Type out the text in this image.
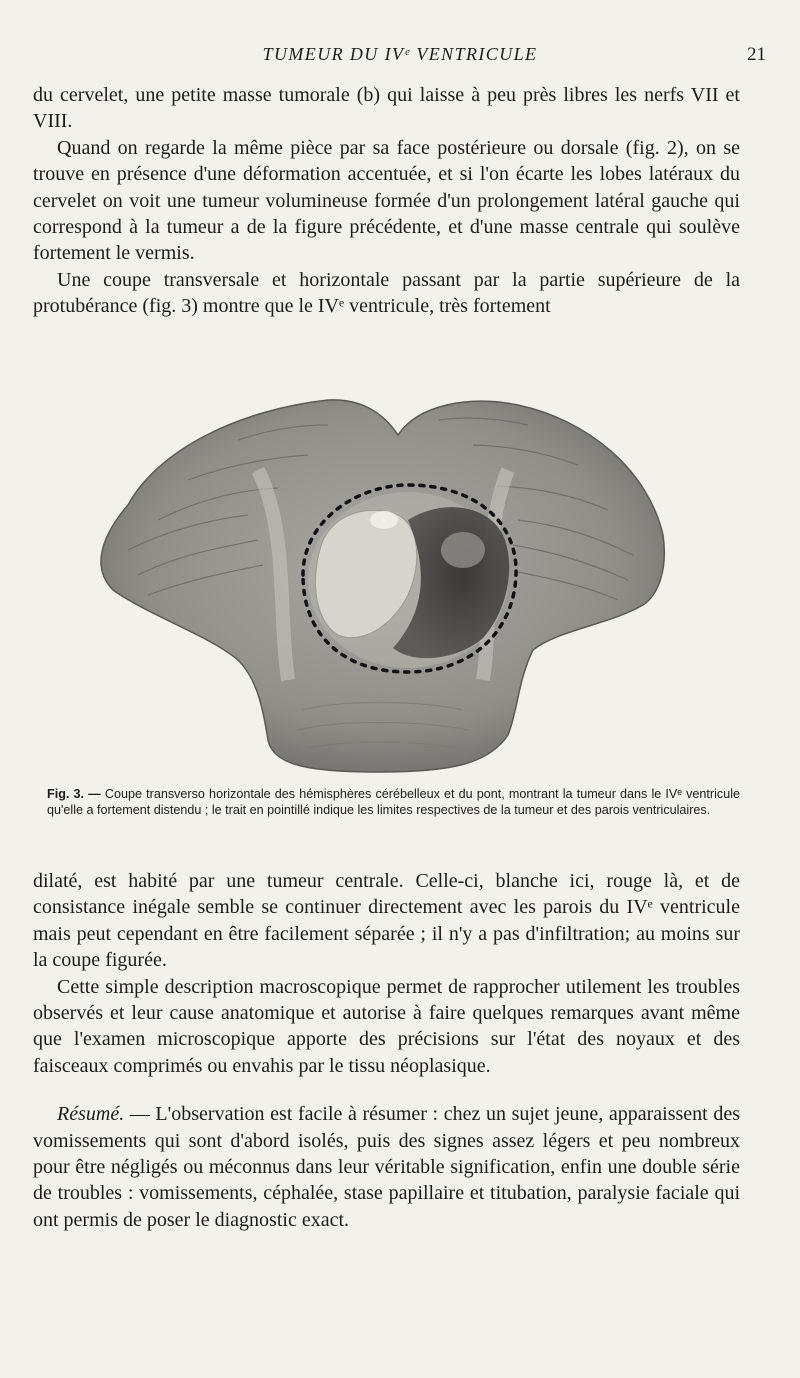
TUMEUR DU IVᵉ VENTRICULE	21

du cervelet, une petite masse tumorale (b) qui laisse à peu près libres les nerfs VII et VIII.

Quand on regarde la même pièce par sa face postérieure ou dorsale (fig. 2), on se trouve en présence d'une déformation accentuée, et si l'on écarte les lobes latéraux du cervelet on voit une tumeur volumineuse formée d'un prolongement latéral gauche qui correspond à la tumeur a de la figure précédente, et d'une masse centrale qui soulève fortement le vermis.

Une coupe transversale et horizontale passant par la partie supérieure de la protubérance (fig. 3) montre que le IVᵉ ventricule, très fortement

Fig. 3. — Coupe transverso horizontale des hémisphères cérébelleux et du pont, montrant la tumeur dans le IVᵉ ventricule qu'elle a fortement distendu ; le trait en pointillé indique les limites respectives de la tumeur et des parois ventriculaires.

dilaté, est habité par une tumeur centrale. Celle-ci, blanche ici, rouge là, et de consistance inégale semble se continuer directement avec les parois du IVᵉ ventricule mais peut cependant en être facilement séparée ; il n'y a pas d'infiltration; au moins sur la coupe figurée.

Cette simple description macroscopique permet de rapprocher utilement les troubles observés et leur cause anatomique et autorise à faire quelques remarques avant même que l'examen microscopique apporte des précisions sur l'état des noyaux et des faisceaux comprimés ou envahis par le tissu néoplasique.

Résumé. — L'observation est facile à résumer : chez un sujet jeune, apparaissent des vomissements qui sont d'abord isolés, puis des signes assez légers et peu nombreux pour être négligés ou méconnus dans leur véritable signification, enfin une double série de troubles : vomissements, céphalée, stase papillaire et titubation, paralysie faciale qui ont permis de poser le diagnostic exact.
